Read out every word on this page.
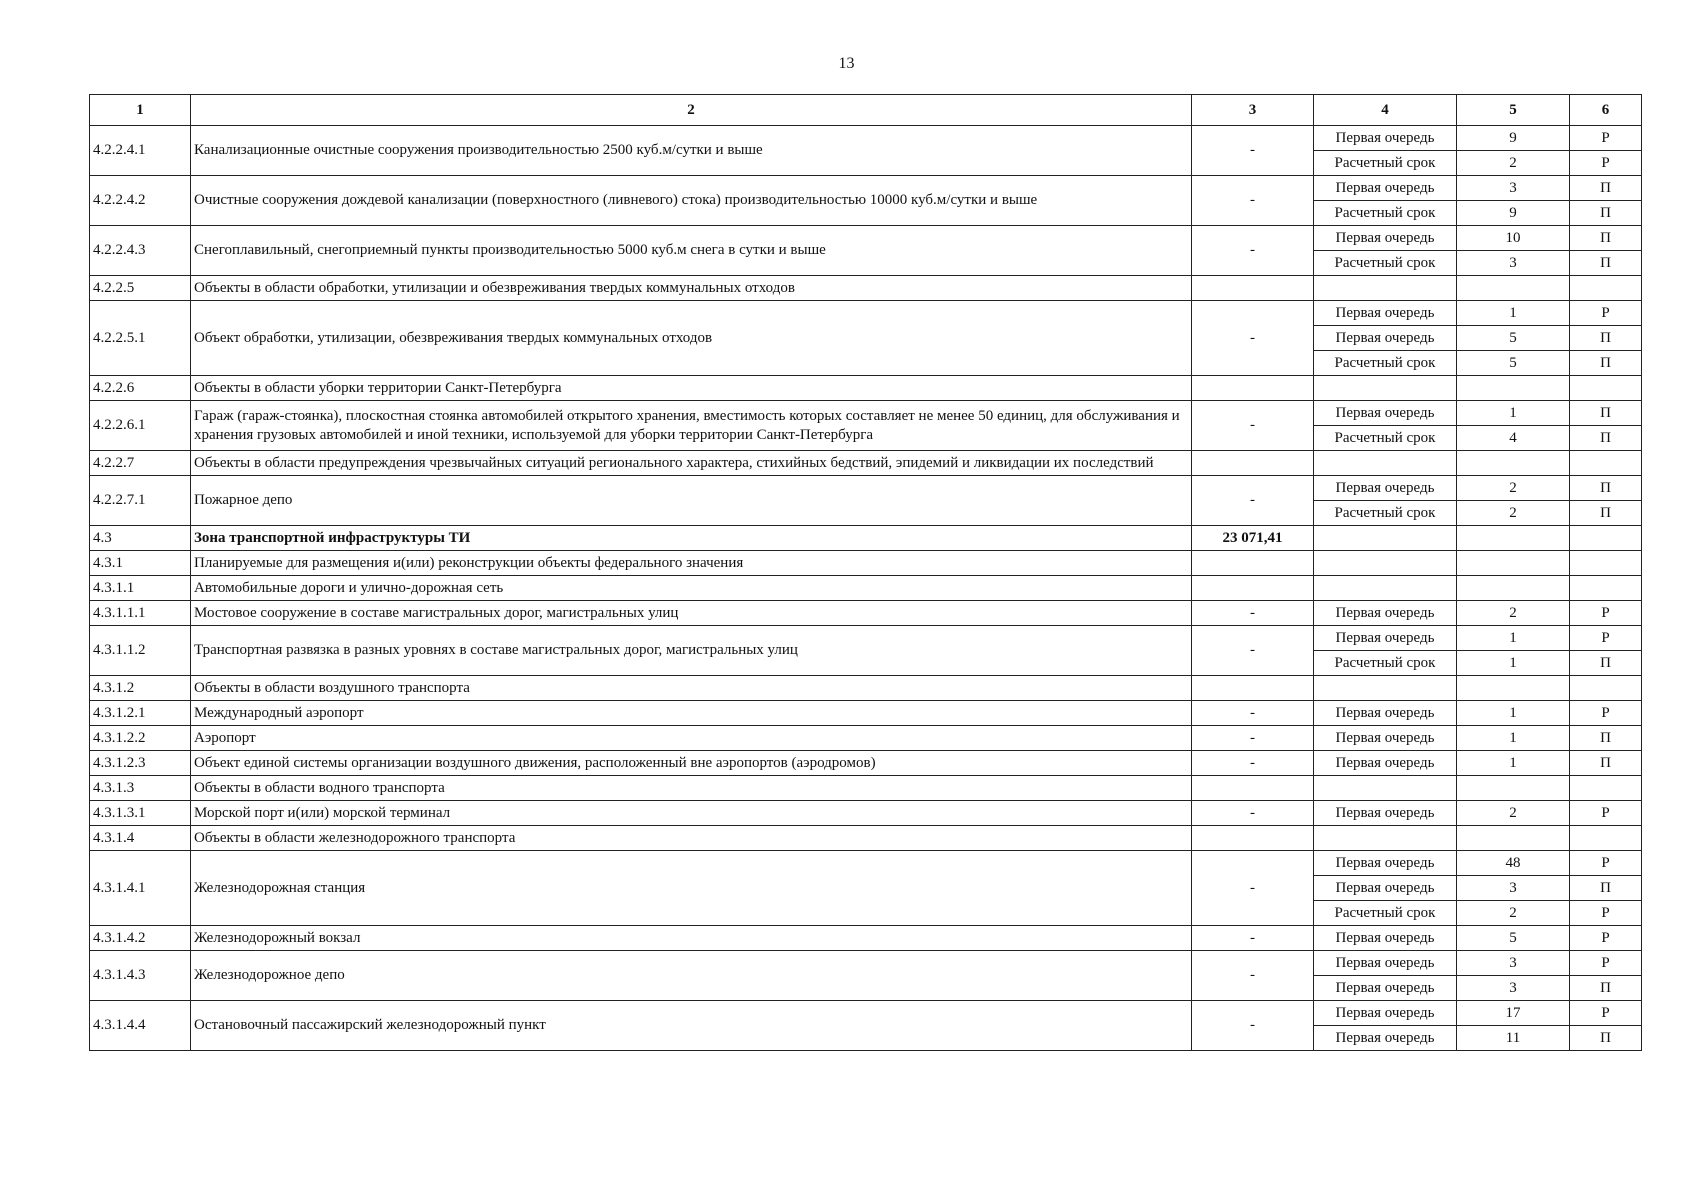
13
1	2	3	4	5	6
4.2.2.4.1	Канализационные очистные сооружения производительностью 2500 куб.м/сутки и выше	-	Первая очередь	9	Р
			Расчетный срок	2	Р
4.2.2.4.2	Очистные сооружения дождевой канализации (поверхностного (ливневого) стока) производительностью 10000 куб.м/сутки и выше	-	Первая очередь	3	П
			Расчетный срок	9	П
4.2.2.4.3	Снегоплавильный, снегоприемный пункты производительностью 5000 куб.м снега в сутки и выше	-	Первая очередь	10	П
			Расчетный срок	3	П
4.2.2.5	Объекты в области обработки, утилизации и обезвреживания твердых коммунальных отходов				
4.2.2.5.1	Объект обработки, утилизации, обезвреживания твердых коммунальных отходов	-	Первая очередь	1	Р
			Первая очередь	5	П
			Расчетный срок	5	П
4.2.2.6	Объекты в области уборки территории Санкт-Петербурга				
4.2.2.6.1	Гараж (гараж-стоянка), плоскостная стоянка автомобилей открытого хранения, вместимость которых составляет не менее 50 единиц, для обслуживания и хранения грузовых автомобилей и иной техники, используемой для уборки территории Санкт-Петербурга	-	Первая очередь	1	П
			Расчетный срок	4	П
4.2.2.7	Объекты в области предупреждения чрезвычайных ситуаций регионального характера, стихийных бедствий, эпидемий и ликвидации их последствий				
4.2.2.7.1	Пожарное депо	-	Первая очередь	2	П
			Расчетный срок	2	П
4.3	Зона транспортной инфраструктуры ТИ	23 071,41			
4.3.1	Планируемые для размещения и(или) реконструкции объекты федерального значения				
4.3.1.1	Автомобильные дороги и улично-дорожная сеть				
4.3.1.1.1	Мостовое сооружение в составе магистральных дорог, магистральных улиц	-	Первая очередь	2	Р
4.3.1.1.2	Транспортная развязка в разных уровнях в составе магистральных дорог, магистральных улиц	-	Первая очередь	1	Р
			Расчетный срок	1	П
4.3.1.2	Объекты в области воздушного транспорта				
4.3.1.2.1	Международный аэропорт	-	Первая очередь	1	Р
4.3.1.2.2	Аэропорт	-	Первая очередь	1	П
4.3.1.2.3	Объект единой системы организации воздушного движения, расположенный вне аэропортов (аэродромов)	-	Первая очередь	1	П
4.3.1.3	Объекты в области водного транспорта				
4.3.1.3.1	Морской порт и(или) морской терминал	-	Первая очередь	2	Р
4.3.1.4	Объекты в области железнодорожного транспорта				
4.3.1.4.1	Железнодорожная станция	-	Первая очередь	48	Р
			Первая очередь	3	П
			Расчетный срок	2	Р
4.3.1.4.2	Железнодорожный вокзал	-	Первая очередь	5	Р
4.3.1.4.3	Железнодорожное депо	-	Первая очередь	3	Р
			Первая очередь	3	П
4.3.1.4.4	Остановочный пассажирский железнодорожный пункт	-	Первая очередь	17	Р
			Первая очередь	11	П
